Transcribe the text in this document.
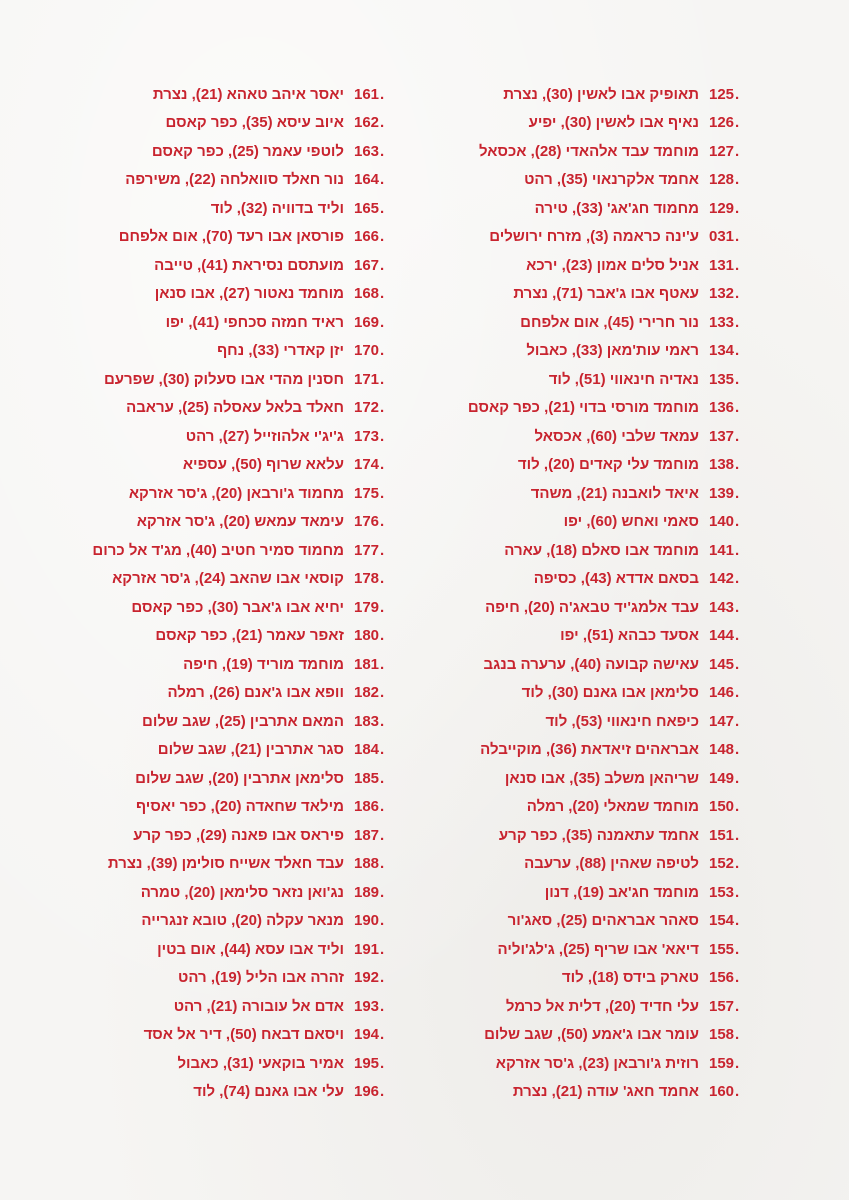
125.
תאופיק אבו לאשין (30), נצרת
126.
נאיף אבו לאשין (30), יפיע
127.
מוחמד עבד אלהאדי (28), אכסאל
128.
אחמד אלקרנאוי (35), רהט
129.
מחמוד חג'אג' (33), טירה
031.
ע'ינה כראמה (3), מזרח ירושלים
131.
אניל סלים אמון (23), ירכא
132.
עאטף אבו ג'אבר (71), נצרת
133.
נור חרירי (45), אום אלפחם
134.
ראמי עות'מאן (33), כאבול
135.
נאדיה חינאווי (51), לוד
136.
מוחמד מורסי בדוי (21), כפר קאסם
137.
עמאד שלבי (60), אכסאל
138.
מוחמד עלי קאדים (20), לוד
139.
איאד לואבנה (21), משהד
140.
סאמי ואחש (60), יפו
141.
מוחמד אבו סאלם (18), עארה
142.
בסאם אדדא (43), כסיפה
143.
עבד אלמג'יד טבאג'ה (20), חיפה
144.
אסעד כבהא (51), יפו
145.
עאישה קבועה (40), ערערה בנגב
146.
סלימאן אבו גאנם (30), לוד
147.
כיפאח חינאווי (53), לוד
148.
אבראהים זיאדאת (36), מוקייבלה
149.
שריהאן משלב (35), אבו סנאן
150.
מוחמד שמאלי (20), רמלה
151.
אחמד עתאמנה (35), כפר קרע
152.
לטיפה שאהין (88), ערעבה
153.
מוחמד חג'אב (19), דנון
154.
סאהר אבראהים (25), סאג'ור
155.
דיאא' אבו שריף (25), ג'לג'וליה
156.
טארק בידס (18), לוד
157.
עלי חדיד (20), דלית אל כרמל
158.
עומר אבו ג'אמע (50), שגב שלום
159.
רוזית ג'ורבאן (23), ג'סר אזרקא
160.
אחמד חאג' עודה (21), נצרת
161.
יאסר איהב טאהא (21), נצרת
162.
איוב עיסא (35), כפר קאסם
163.
לוטפי עאמר (25), כפר קאסם
164.
נור חאלד סוואלחה (22), משירפה
165.
וליד בדוויה (32), לוד
166.
פורסאן אבו רעד (70), אום אלפחם
167.
מועתסם נסיראת (41), טייבה
168.
מוחמד נאטור (27), אבו סנאן
169.
ראיד חמזה סכחפי (41), יפו
170.
יזן קאדרי (33), נחף
171.
חסנין מהדי אבו סעלוק (30), שפרעם
172.
חאלד בלאל עאסלה (25), עראבה
173.
ג'יג'י אלהוזייל (27), רהט
174.
עלאא שרוף (50), עספיא
175.
מחמוד ג'ורבאן (20), ג'סר אזרקא
176.
עימאד עמאש (20), ג'סר אזרקא
177.
מחמוד סמיר חטיב (40), מג'ד אל כרום
178.
קוסאי אבו שהאב (24), ג'סר אזרקא
179.
יחיא אבו ג'אבר (30), כפר קאסם
180.
זאפר עאמר (21), כפר קאסם
181.
מוחמד מוריד (19), חיפה
182.
וופא אבו ג'אנם (26), רמלה
183.
המאם אתרבין (25), שגב שלום
184.
סגר אתרבין (21), שגב שלום
185.
סלימאן אתרבין (20), שגב שלום
186.
מילאד שחאדה (20), כפר יאסיף
187.
פיראס אבו פאנה (29), כפר קרע
188.
עבד חאלד אשייח סולימן (39), נצרת
189.
נג'ואן נזאר סלימאן (20), טמרה
190.
מנאר עקלה (20), טובא זנגרייה
191.
וליד אבו עסא (44), אום בטין
192.
זהרה אבו הליל (19), רהט
193.
אדם אל עובורה (21), רהט
194.
ויסאם דבאח (50), דיר אל אסד
195.
אמיר בוקאעי (31), כאבול
196.
עלי אבו גאנם (74), לוד
